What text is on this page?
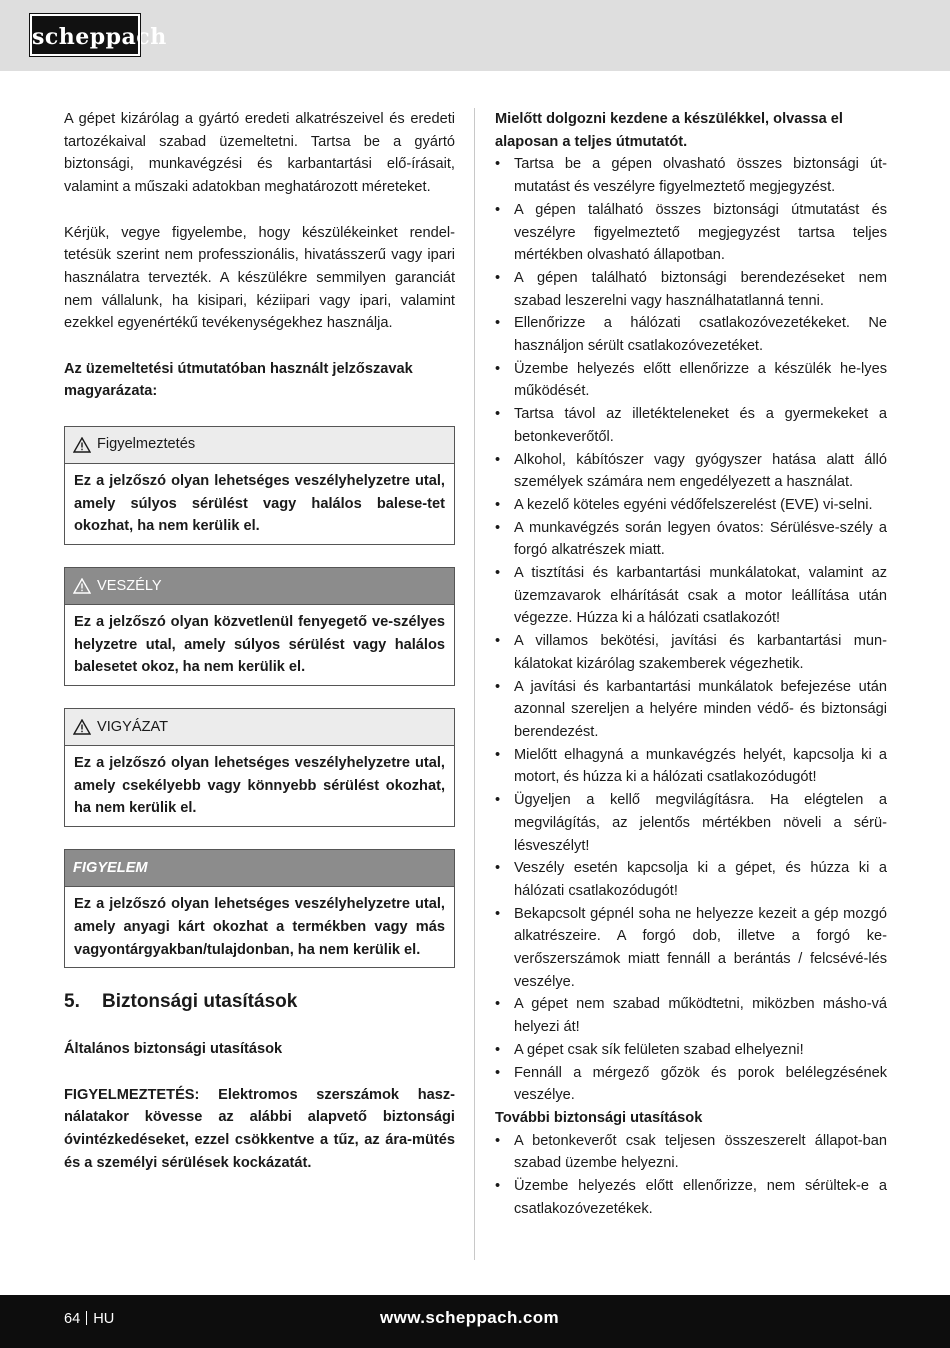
scheppach

A gépet kizárólag a gyártó eredeti alkatrészeivel és eredeti tartozékaival szabad üzemeltetni. Tartsa be a gyártó biztonsági, munkavégzési és karbantartási elő-írásait, valamint a műszaki adatokban meghatározott méreteket.

Kérjük, vegye figyelembe, hogy készülékeinket rendel-tetésük szerint nem professzionális, hivatásszerű vagy ipari használatra tervezték. A készülékre semmilyen garanciát nem vállalunk, ha kisipari, kéziipari vagy ipari, valamint ezekkel egyenértékű tevékenységekhez használja.

Az üzemeltetési útmutatóban használt jelzőszavak magyarázata:

Figyelmeztetés
Ez a jelzőszó olyan lehetséges veszélyhelyzetre utal, amely súlyos sérülést vagy halálos balese-tet okozhat, ha nem kerülik el.
VESZÉLY
Ez a jelzőszó olyan közvetlenül fenyegető ve-szélyes helyzetre utal, amely súlyos sérülést vagy halálos balesetet okoz, ha nem kerülik el.
VIGYÁZAT
Ez a jelzőszó olyan lehetséges veszélyhelyzetre utal, amely csekélyebb vagy könnyebb sérülést okozhat, ha nem kerülik el.
FIGYELEM
Ez a jelzőszó olyan lehetséges veszélyhelyzetre utal, amely anyagi kárt okozhat a termékben vagy más vagyontárgyakban/tulajdonban, ha nem kerülik el.
5. Biztonsági utasítások

Általános biztonsági utasítások

FIGYELMEZTETÉS: Elektromos szerszámok hasz-nálatakor kövesse az alábbi alapvető biztonsági óvintézkedéseket, ezzel csökkentve a tűz, az ára-mütés és a személyi sérülések kockázatát.

Mielőtt dolgozni kezdene a készülékkel, olvassa el alaposan a teljes útmutatót.

• Tartsa be a gépen olvasható összes biztonsági út-mutatást és veszélyre figyelmeztető megjegyzést.
• A gépen található összes biztonsági útmutatást és veszélyre figyelmeztető megjegyzést tartsa teljes mértékben olvasható állapotban.
• A gépen található biztonsági berendezéseket nem szabad leszerelni vagy használhatatlanná tenni.
• Ellenőrizze a hálózati csatlakozóvezetékeket. Ne használjon sérült csatlakozóvezetéket.
• Üzembe helyezés előtt ellenőrizze a készülék he-lyes működését.
• Tartsa távol az illetékteleneket és a gyermekeket a betonkeverőtől.
• Alkohol, kábítószer vagy gyógyszer hatása alatt álló személyek számára nem engedélyezett a használat.
• A kezelő köteles egyéni védőfelszerelést (EVE) vi-selni.
• A munkavégzés során legyen óvatos: Sérülésve-szély a forgó alkatrészek miatt.
• A tisztítási és karbantartási munkálatokat, valamint az üzemzavarok elhárítását csak a motor leállítása után végezze. Húzza ki a hálózati csatlakozót!
• A villamos bekötési, javítási és karbantartási mun-kálatokat kizárólag szakemberek végezhetik.
• A javítási és karbantartási munkálatok befejezése után azonnal szereljen a helyére minden védő- és biztonsági berendezést.
• Mielőtt elhagyná a munkavégzés helyét, kapcsolja ki a motort, és húzza ki a hálózati csatlakozódugót!
• Ügyeljen a kellő megvilágításra. Ha elégtelen a megvilágítás, az jelentős mértékben növeli a sérü-lésveszélyt!
• Veszély esetén kapcsolja ki a gépet, és húzza ki a hálózati csatlakozódugót!
• Bekapcsolt gépnél soha ne helyezze kezeit a gép mozgó alkatrészeire. A forgó dob, illetve a forgó ke-verőszerszámok miatt fennáll a berántás / felcsévé-lés veszélye.
• A gépet nem szabad működtetni, miközben másho-vá helyezi át!
• A gépet csak sík felületen szabad elhelyezni!
• Fennáll a mérgező gőzök és porok belélegzésének veszélye.

További biztonsági utasítások

• A betonkeverőt csak teljesen összeszerelt állapot-ban szabad üzembe helyezni.
• Üzembe helyezés előtt ellenőrizze, nem sérültek-e a csatlakozóvezetékek.
64 HU	www.scheppach.com
